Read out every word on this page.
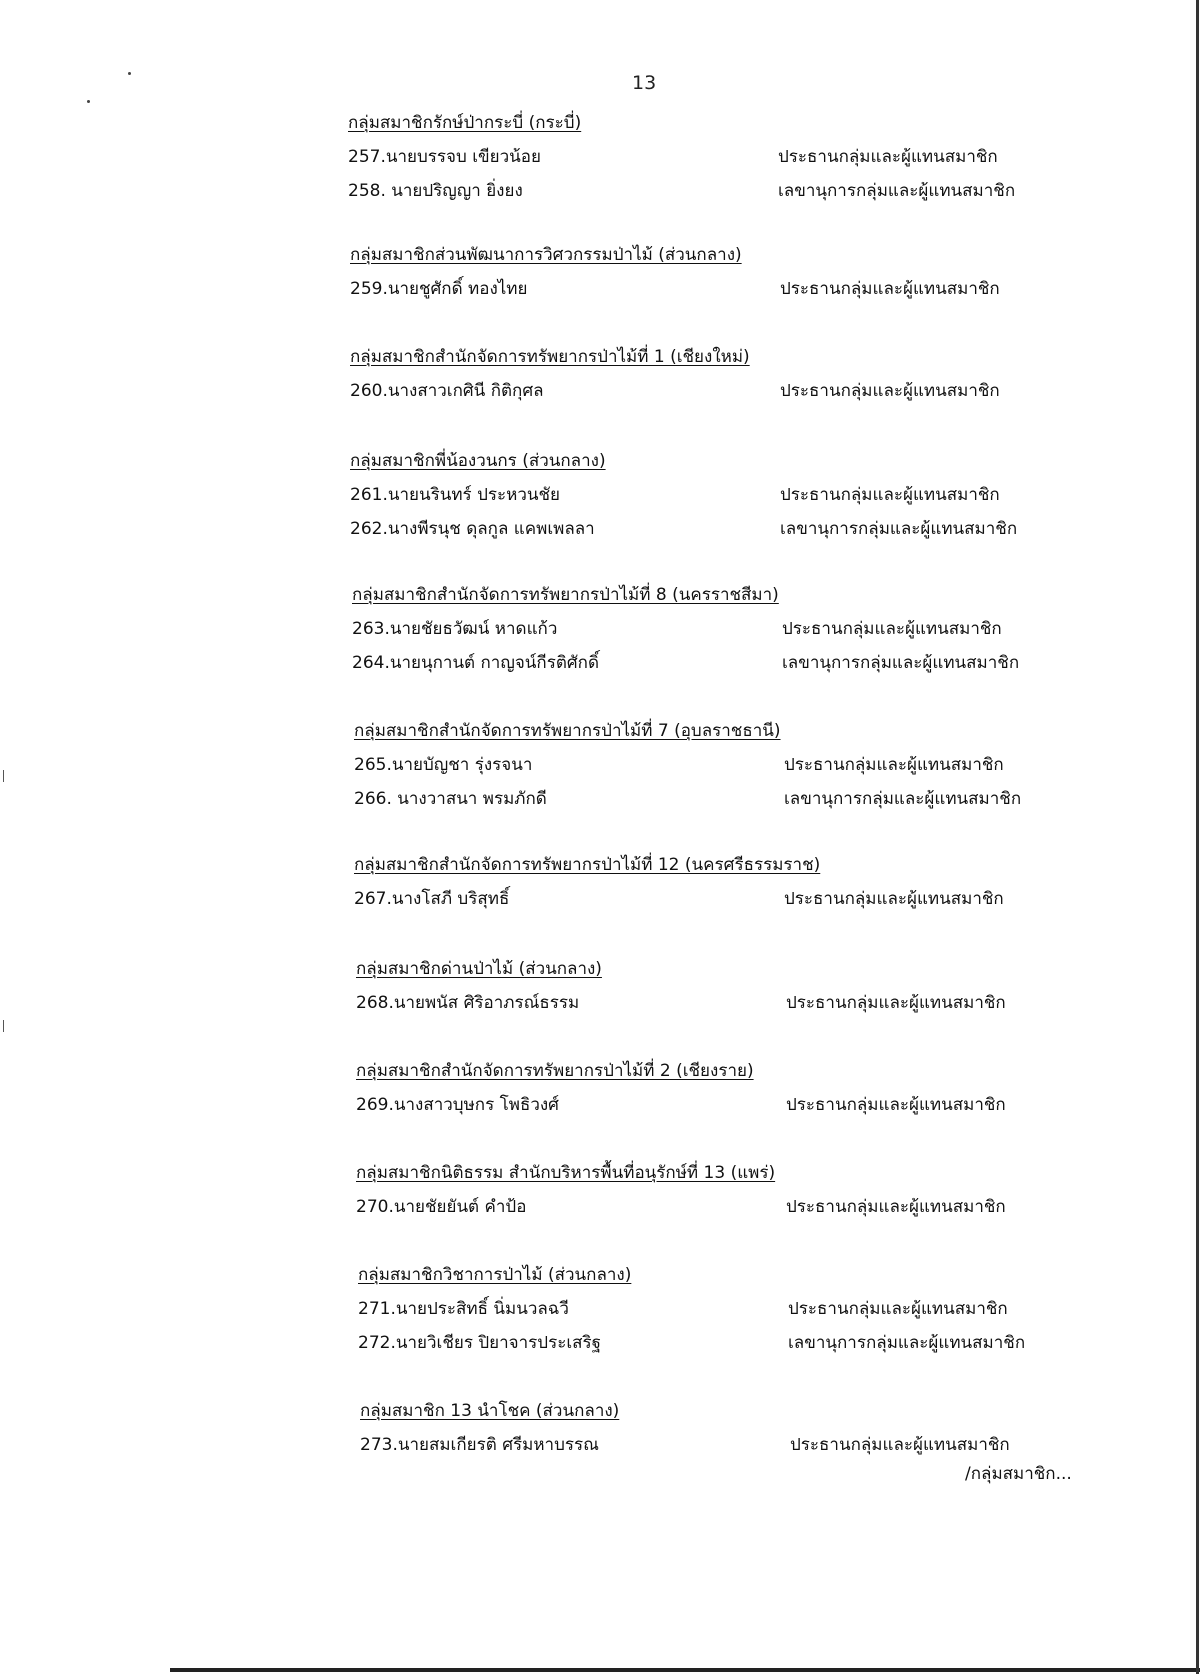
13
กลุ่มสมาชิกรักษ์ป่ากระบี่ (กระบี่)
257.นายบรรจบ เขียวน้อย	ประธานกลุ่มและผู้แทนสมาชิก
258. นายปริญญา ยิ่งยง	เลขานุการกลุ่มและผู้แทนสมาชิก
กลุ่มสมาชิกส่วนพัฒนาการวิศวกรรมป่าไม้ (ส่วนกลาง)
259.นายชูศักดิ์ ทองไทย	ประธานกลุ่มและผู้แทนสมาชิก
กลุ่มสมาชิกสำนักจัดการทรัพยากรป่าไม้ที่ 1 (เชียงใหม่)
260.นางสาวเกศินี กิติกุศล	ประธานกลุ่มและผู้แทนสมาชิก
กลุ่มสมาชิกพี่น้องวนกร (ส่วนกลาง)
261.นายนรินทร์ ประหวนชัย	ประธานกลุ่มและผู้แทนสมาชิก
262.นางพีรนุช ดุลกูล แคพเพลลา	เลขานุการกลุ่มและผู้แทนสมาชิก
กลุ่มสมาชิกสำนักจัดการทรัพยากรป่าไม้ที่ 8 (นครราชสีมา)
263.นายชัยธวัฒน์ หาดแก้ว	ประธานกลุ่มและผู้แทนสมาชิก
264.นายนุกานต์ กาญจน์กีรติศักดิ์	เลขานุการกลุ่มและผู้แทนสมาชิก
กลุ่มสมาชิกสำนักจัดการทรัพยากรป่าไม้ที่ 7 (อุบลราชธานี)
265.นายบัญชา รุ่งรจนา	ประธานกลุ่มและผู้แทนสมาชิก
266. นางวาสนา พรมภักดี	เลขานุการกลุ่มและผู้แทนสมาชิก
กลุ่มสมาชิกสำนักจัดการทรัพยากรป่าไม้ที่ 12 (นครศรีธรรมราช)
267.นางโสภี บริสุทธิ์	ประธานกลุ่มและผู้แทนสมาชิก
กลุ่มสมาชิกด่านป่าไม้ (ส่วนกลาง)
268.นายพนัส ศิริอาภรณ์ธรรม	ประธานกลุ่มและผู้แทนสมาชิก
กลุ่มสมาชิกสำนักจัดการทรัพยากรป่าไม้ที่ 2 (เชียงราย)
269.นางสาวบุษกร โพธิวงศ์	ประธานกลุ่มและผู้แทนสมาชิก
กลุ่มสมาชิกนิติธรรม สำนักบริหารพื้นที่อนุรักษ์ที่ 13 (แพร่)
270.นายชัยยันต์ คำป้อ	ประธานกลุ่มและผู้แทนสมาชิก
กลุ่มสมาชิกวิชาการป่าไม้ (ส่วนกลาง)
271.นายประสิทธิ์ นิ่มนวลฉวี	ประธานกลุ่มและผู้แทนสมาชิก
272.นายวิเชียร ปิยาจารประเสริฐ	เลขานุการกลุ่มและผู้แทนสมาชิก
กลุ่มสมาชิก 13 นำโชค (ส่วนกลาง)
273.นายสมเกียรติ ศรีมหาบรรณ	ประธานกลุ่มและผู้แทนสมาชิก
/กลุ่มสมาชิก...
